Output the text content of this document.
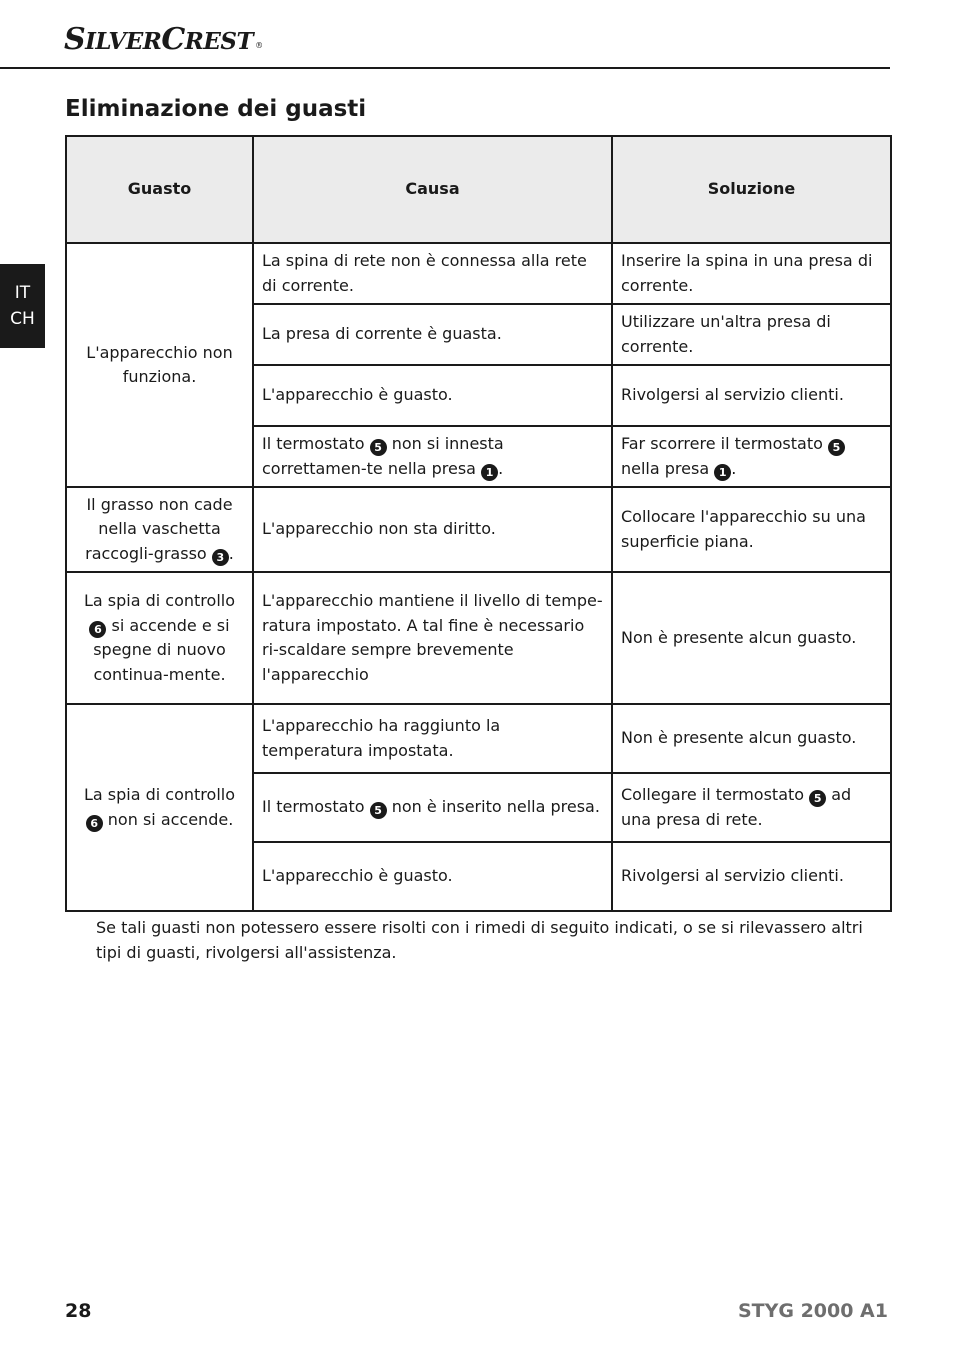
SILVERCREST ®
Eliminazione dei guasti
IT
CH
Guasto	Causa	Soluzione
L'apparecchio non funziona.	La spina di rete non è connessa alla rete di corrente.	Inserire la spina in una presa di corrente.
	La presa di corrente è guasta.	Utilizzare un'altra presa di corrente.
	L'apparecchio è guasto.	Rivolgersi al servizio clienti.
	Il termostato 5 non si innesta correttamen-te nella presa 1 .	Far scorrere il termostato 5 nella presa 1 .
Il grasso non cade nella vaschetta raccogli-grasso 3 .	L'apparecchio non sta diritto.	Collocare l'apparecchio su una superficie piana.
La spia di controllo 6 si accende e si spegne di nuovo continua-mente.	L'apparecchio mantiene il livello di tempe-ratura impostato. A tal fine è necessario ri-scaldare sempre brevemente l'apparecchio	Non è presente alcun guasto.
La spia di controllo 6 non si accende.	L'apparecchio ha raggiunto la temperatura impostata.	Non è presente alcun guasto.
	Il termostato 5 non è inserito nella presa.	Collegare il termostato 5 ad una presa di rete.
	L'apparecchio è guasto.	Rivolgersi al servizio clienti.

Se tali guasti non potessero essere risolti con i rimedi di seguito indicati, o se si rilevassero altri tipi di guasti, rivolgersi all'assistenza.

28	STYG 2000 A1
